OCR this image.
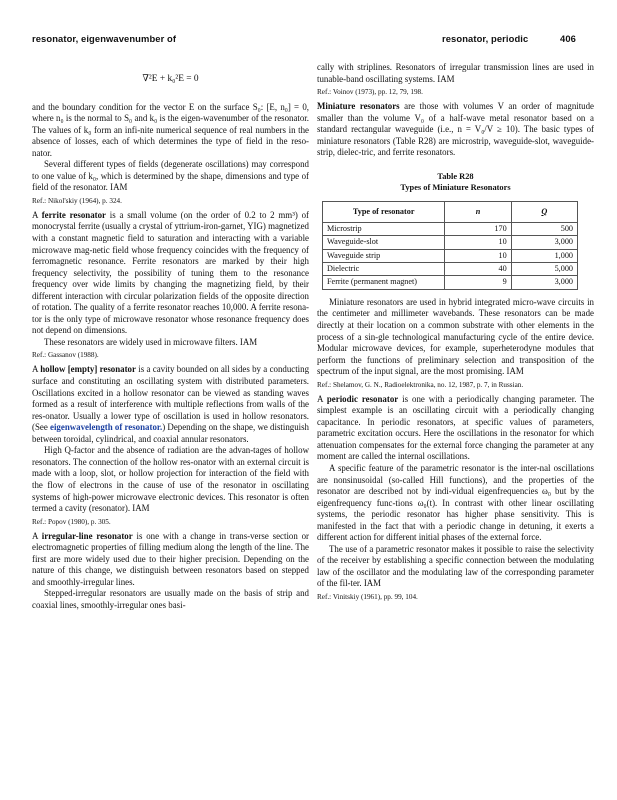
resonator, eigenwavenumber of	resonator, periodic	406
∇²E + k₀²E = 0

and the boundary condition for the vector E on the surface S₀: [E, n₀] = 0, where n₀ is the normal to S₀ and k₀ is the eigen-wavenumber of the resonator. The values of k₀ form an infi-nite numerical sequence of real numbers in the absence of losses, each of which determines the type of field in the reso-nator.

Several different types of fields (degenerate oscillations) may correspond to one value of k₀, which is determined by the shape, dimensions and type of field of the resonator. IAM

Ref.: Nikol'skiy (1964), p. 324.

A ferrite resonator is a small volume (on the order of 0.2 to 2 mm³) of monocrystal ferrite (usually a crystal of yttrium-iron-garnet, YIG) magnetized with a constant magnetic field to saturation and interacting with a variable microwave mag-netic field whose frequency coincides with the frequency of ferromagnetic resonance. Ferrite resonators are marked by their high frequency selectivity, the possibility of tuning them to the resonance frequency over wide limits by changing the magnetizing field, by their different interaction with circular polarization fields of the opposite direction of rotation. The quality of a ferrite resonator reaches 10,000. A ferrite resona-tor is the only type of microwave resonator whose resonance frequency does not depend on dimensions.

These resonators are widely used in microwave filters. IAM

Ref.: Gassanov (1988).

A hollow [empty] resonator is a cavity bounded on all sides by a conducting surface and constituting an oscillating system with distributed parameters. Oscillations excited in a hollow resonator can be viewed as standing waves formed as a result of interference with multiple reflections from walls of the res-onator. Usually a lower type of oscillation is used in hollow resonators. (See eigenwavelength of resonator.) Depending on the shape, we distinguish between toroidal, cylindrical, and coaxial annular resonators.

High Q-factor and the absence of radiation are the advan-tages of hollow resonators. The connection of the hollow res-onator with an external circuit is made with a loop, slot, or hollow projection for interaction of the field with the flow of electrons in the cause of use of the resonator in oscillating systems of high-power microwave electronic devices. This resonator is often termed a cavity (resonator). IAM

Ref.: Popov (1980), p. 305.

A irregular-line resonator is one with a change in trans-verse section or electromagnetic properties of filling medium along the length of the line. The first are more widely used due to their higher precision. Depending on the nature of this change, we distinguish between resonators based on stepped and smoothly-irregular lines.

Stepped-irregular resonators are usually made on the basis of strip and coaxial lines, smoothly-irregular ones basi-

cally with striplines. Resonators of irregular transmission lines are used in tunable-band oscillating systems. IAM

Ref.: Voinov (1973), pp. 12, 79, 198.

Miniature resonators are those with volumes V an order of magnitude smaller than the volume V₀ of a half-wave metal resonator based on a standard rectangular waveguide (i.e., n = V₀/V ≥ 10). The basic types of miniature resonators (Table R28) are microstrip, waveguide-slot, waveguide-strip, dielec-tric, and ferrite resonators.

Table R28
Types of Miniature Resonators
Type of resonator	n	Q
Microstrip	170	500
Waveguide-slot	10	3,000
Waveguide strip	10	1,000
Dielectric	40	5,000
Ferrite (permanent magnet)	9	3,000

Miniature resonators are used in hybrid integrated micro-wave circuits in the centimeter and millimeter wavebands. These resonators can be made directly at their location on a common substrate with other elements in the process of a sin-gle technological manufacturing cycle of the entire device. Modular microwave devices, for example, superheterodyne modules that perform the functions of preliminary selection and transposition of the spectrum of the input signal, are the most promising. IAM

Ref.: Shelamov, G. N., Radioelektronika, no. 12, 1987, p. 7, in Russian.

A periodic resonator is one with a periodically changing parameter. The simplest example is an oscillating circuit with a periodically changing capacitance. In periodic resonators, at specific values of parameters, parametric excitation occurs. Here the oscillations in the resonator for which attenuation compensates for the external force changing the parameter at any moment are called the internal oscillations.

A specific feature of the parametric resonator is the inter-nal oscillations are nonsinusoidal (so-called Hill functions), and the properties of the resonator are described not by indi-vidual eigenfrequencies ω₀ but by the eigenfrequency func-tions ω₀(t). In contrast with other linear oscillating systems, the periodic resonator has higher phase sensitivity. This is manifested in the fact that with a periodic change in detuning, it exerts a different action for different initial phases of the external force.

The use of a parametric resonator makes it possible to raise the selectivity of the receiver by establishing a specific connection between the modulating law of the oscillator and the modulating law of the corresponding parameter of the fil-ter. IAM

Ref.: Vinitskiy (1961), pp. 99, 104.
